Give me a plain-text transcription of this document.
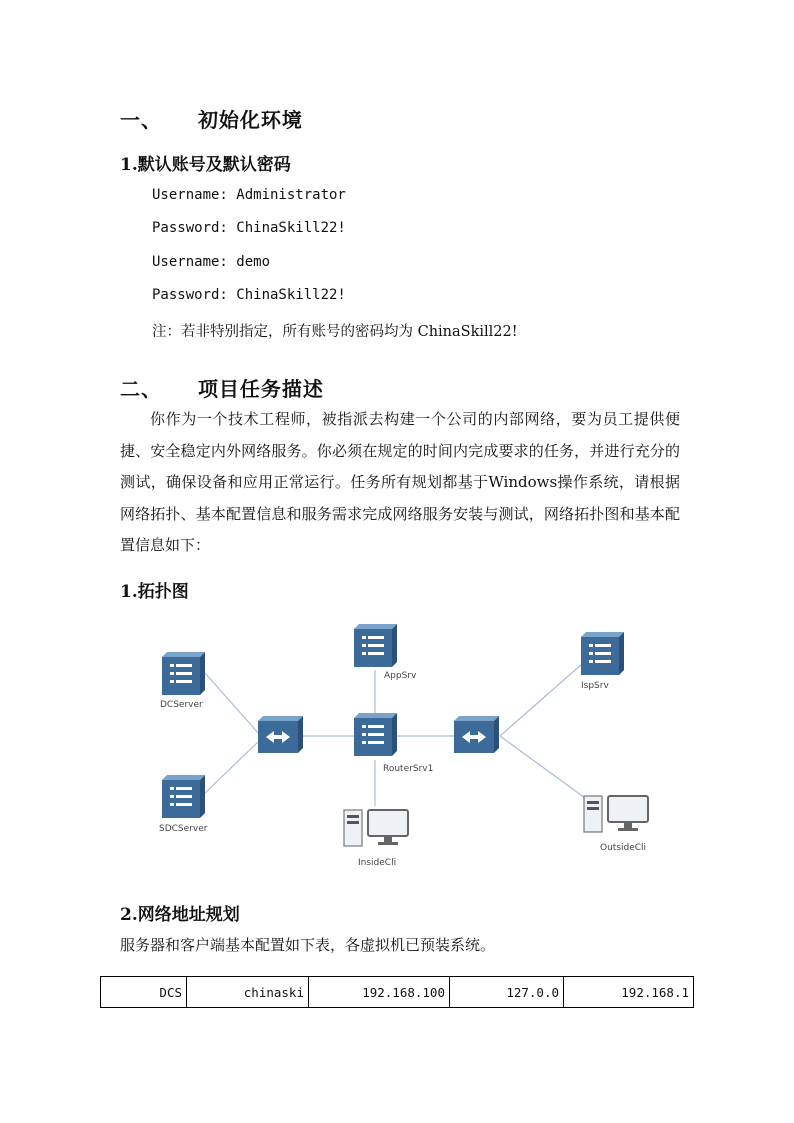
一、 初始化环境
1.默认账号及默认密码
Username: Administrator
Password: ChinaSkill22!
Username: demo
Password: ChinaSkill22!
注：若非特别指定，所有账号的密码均为 ChinaSkill22!
二、 项目任务描述
你作为一个技术工程师，被指派去构建一个公司的内部网络，要为员工提供便捷、安全稳定内外网络服务。你必须在规定的时间内完成要求的任务，并进行充分的测试，确保设备和应用正常运行。任务所有规划都基于Windows操作系统，请根据网络拓扑、基本配置信息和服务需求完成网络服务安装与测试，网络拓扑图和基本配置信息如下：
1.拓扑图
DCServer
SDCServer
AppSrv
RouterSrv1
InsideCli
IspSrv
OutsideCli
2.网络地址规划
服务器和客户端基本配置如下表，各虚拟机已预装系统。
DCS	chinaski	192.168.100	127.0.0	192.168.1
